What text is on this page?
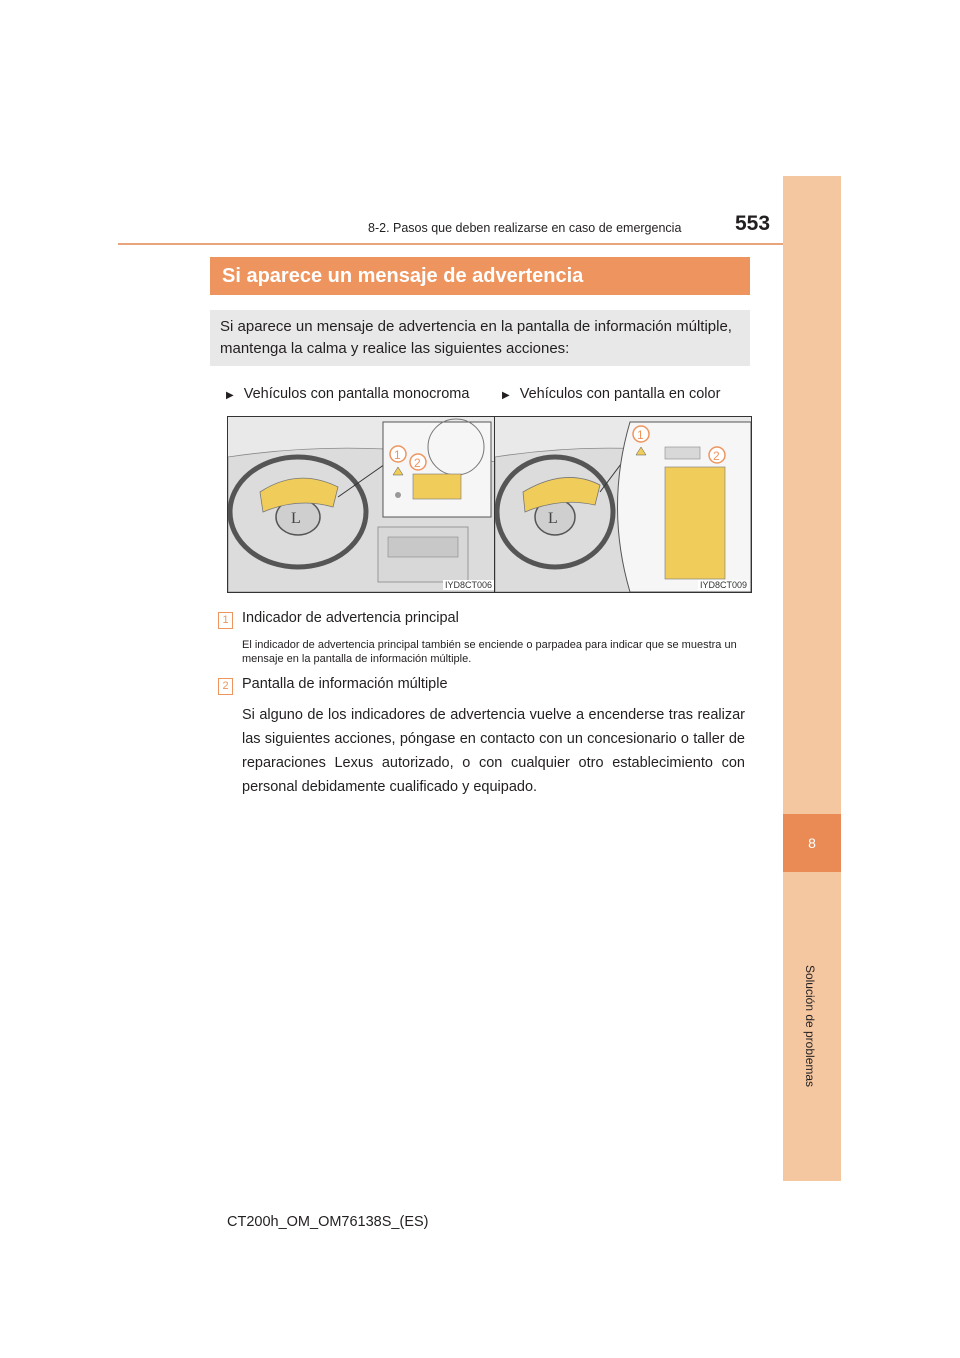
8
Solución de problemas
8-2. Pasos que deben realizarse en caso de emergencia	553
Si aparece un mensaje de advertencia
Si aparece un mensaje de advertencia en la pantalla de información múltiple, mantenga la calma y realice las siguientes acciones:
▶ Vehículos con pantalla monocroma	▶ Vehículos con pantalla en color
L
1
2
IYD8CT006
L
1
2
IYD8CT009
1 Indicador de advertencia principal
El indicador de advertencia principal también se enciende o parpadea para indicar que se muestra un mensaje en la pantalla de información múltiple.
2 Pantalla de información múltiple
Si alguno de los indicadores de advertencia vuelve a encenderse tras realizar las siguientes acciones, póngase en contacto con un concesionario o taller de reparaciones Lexus autorizado, o con cualquier otro establecimiento con personal debidamente cualificado y equipado.
CT200h_OM_OM76138S_(ES)
